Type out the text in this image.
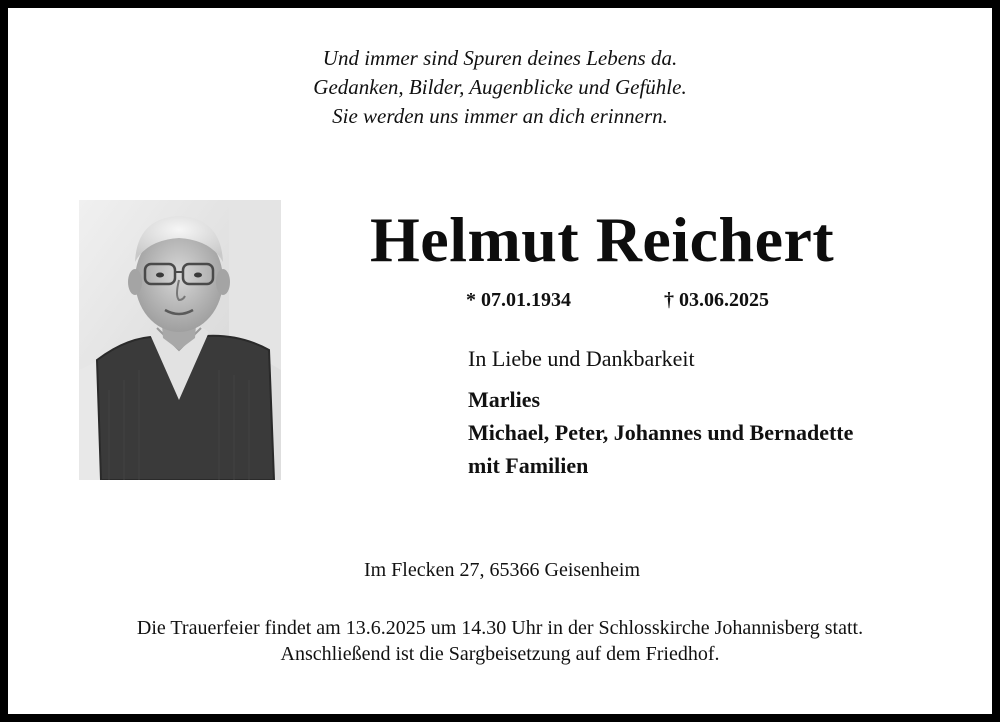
Und immer sind Spuren deines Lebens da.
Gedanken, Bilder, Augenblicke und Gefühle.
Sie werden uns immer an dich erinnern.
Helmut Reichert
* 07.01.1934	† 03.06.2025
In Liebe und Dankbarkeit
Marlies
Michael, Peter, Johannes und Bernadette
mit Familien
Im Flecken 27, 65366 Geisenheim
Die Trauerfeier findet am 13.6.2025 um 14.30 Uhr in der Schlosskirche Johannisberg statt.
Anschließend ist die Sargbeisetzung auf dem Friedhof.
